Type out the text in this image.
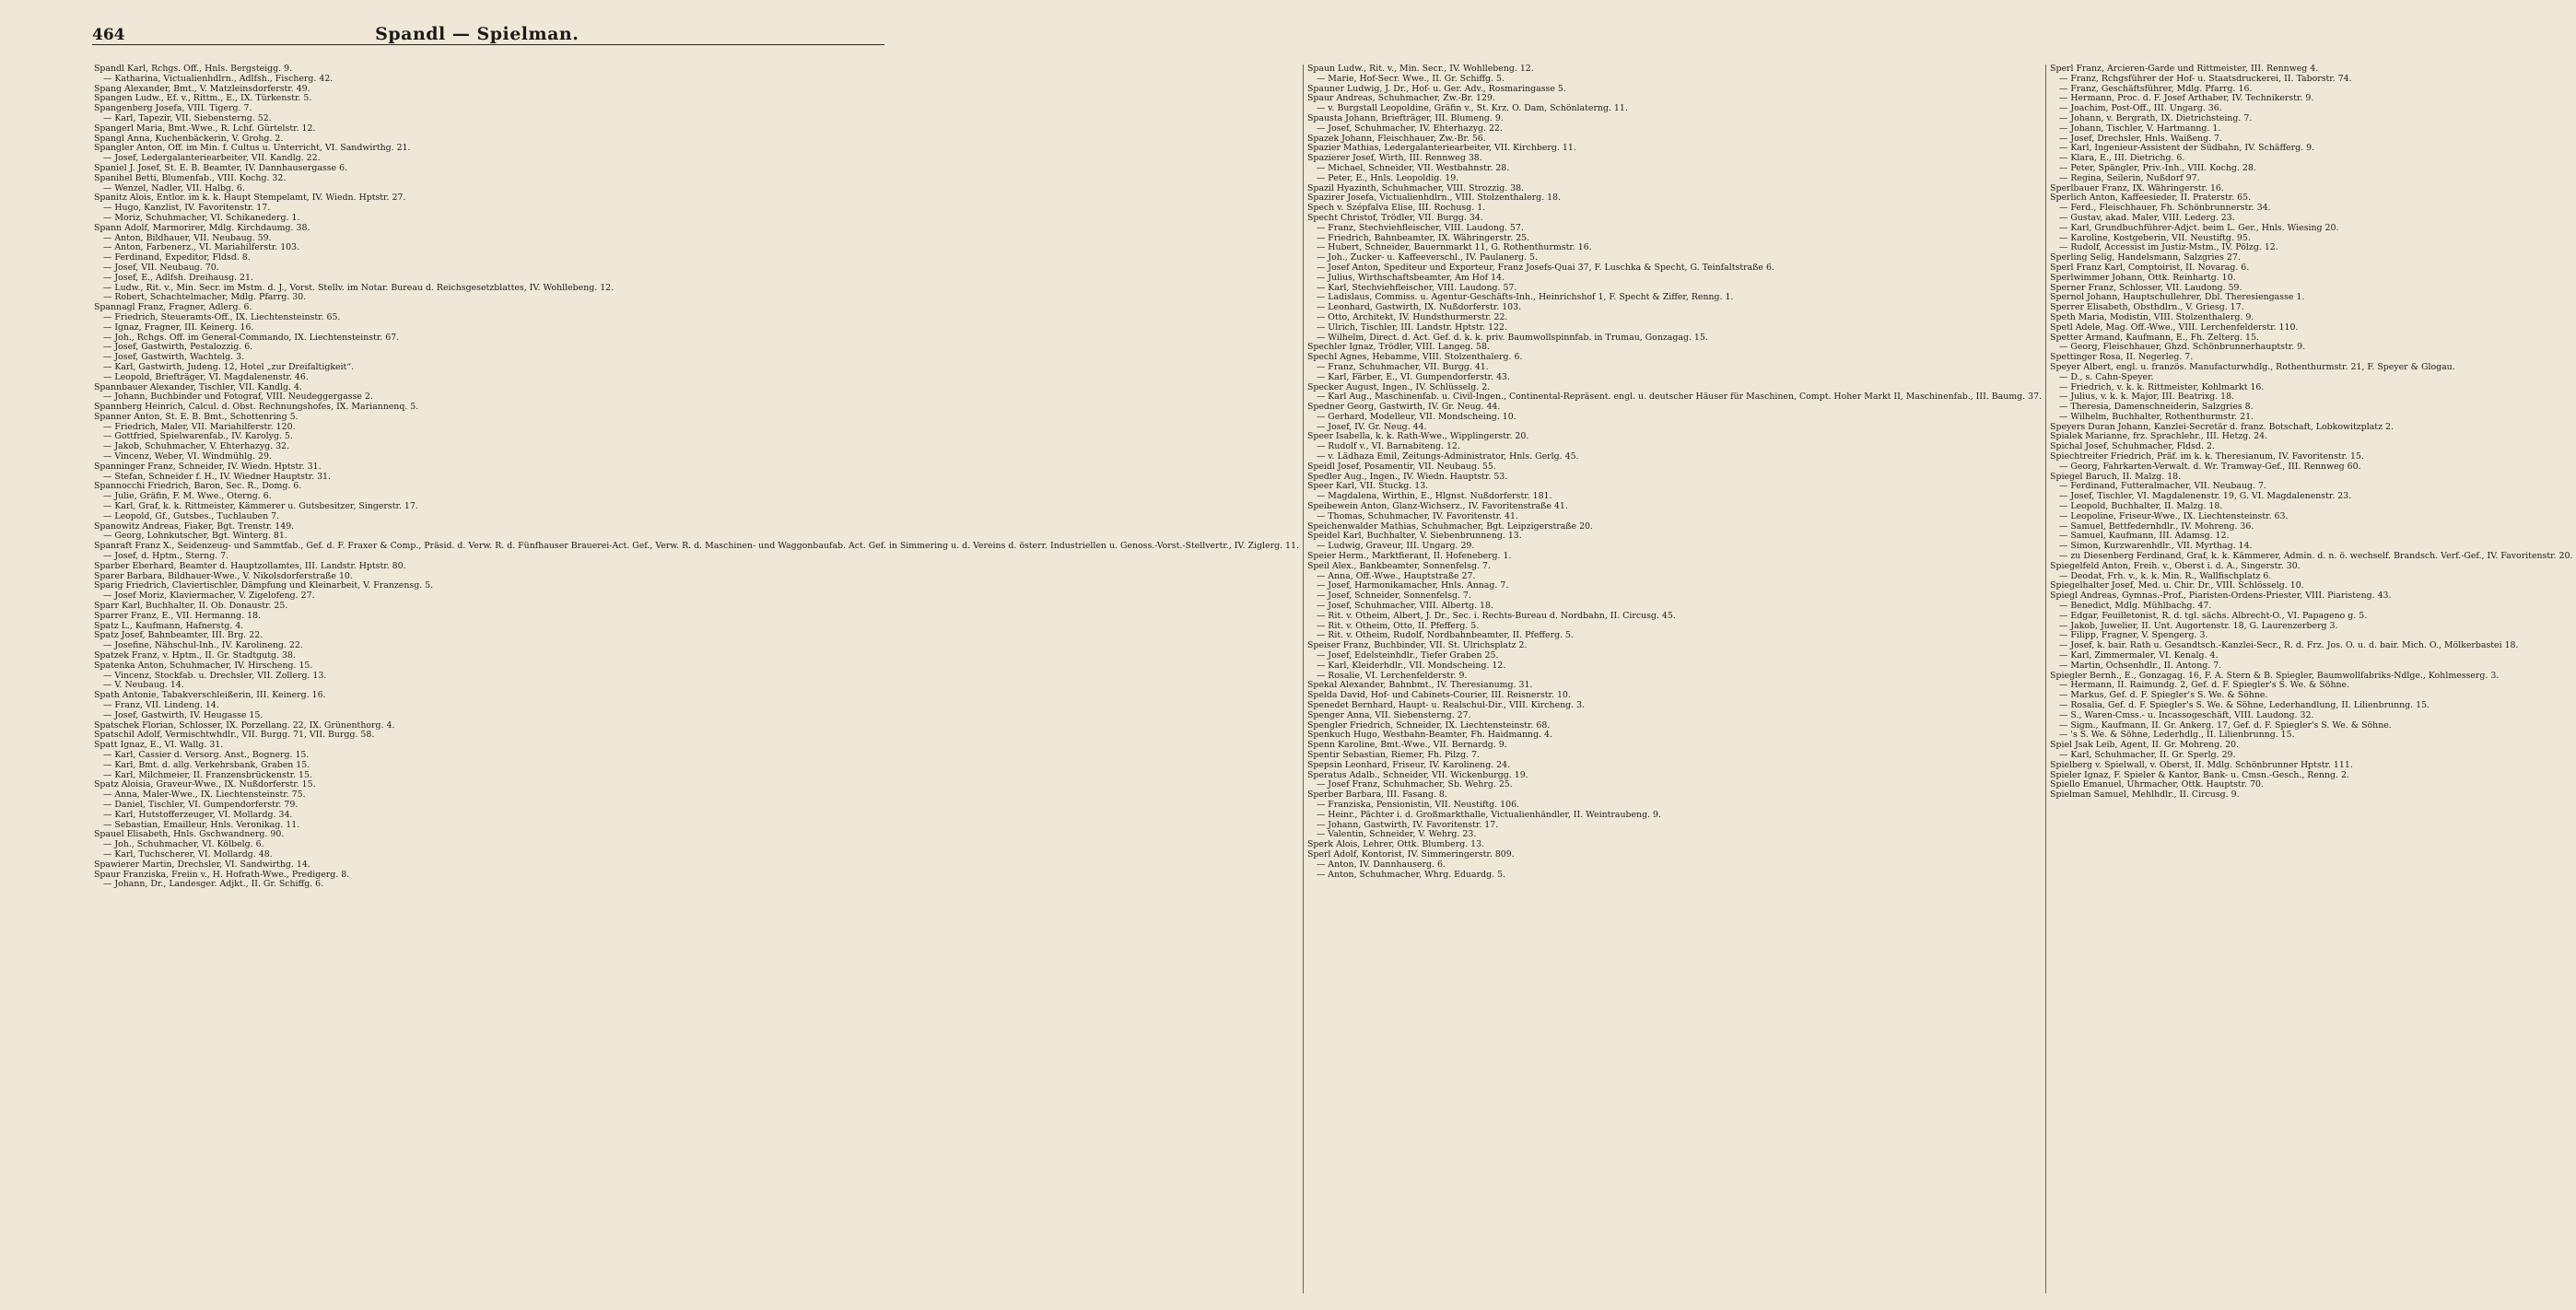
464	Spandl — Spielman.
Spandl Karl, Rchgs. Off., Hnls. Bergsteigg. 9.
— Katharina, Victualienhdlrn., Adlfsh., Fischerg. 42.
Spang Alexander, Bmt., V. Matzleinsdorferstr. 49.
Spangen Ludw., Ef. v., Rittm., E., IX. Türkenstr. 5.
Spangenberg Josefa, VIII. Tigerg. 7.
— Karl, Tapezir, VII. Siebensterng. 52.
Spangerl Maria, Bmt.-Wwe., R. Lchf. Gürtelstr. 12.
Spangl Anna, Kuchenbäckerin, V. Grohg. 2.
Spangler Anton, Off. im Min. f. Cultus u. Unterricht, VI. Sandwirthg. 21.
— Josef, Ledergalanteriearbeiter, VII. Kandlg. 22.
Spaniel J. Josef, St. E. B. Beamter, IV. Dannhausergasse 6.
Spanihel Betti, Blumenfab., VIII. Kochg. 32.
— Wenzel, Nadler, VII. Halbg. 6.
Spanitz Alois, Entlor. im k. k. Haupt Stempelamt, IV. Wiedn. Hptstr. 27.
— Hugo, Kanzlist, IV. Favoritenstr. 17.
— Moriz, Schuhmacher, VI. Schikanederg. 1.
Spann Adolf, Marmorirer, Mdlg. Kirchdaumg. 38.
— Anton, Bildhauer, VII. Neubaug. 59.
— Anton, Farbenerz., VI. Mariahilferstr. 103.
— Ferdinand, Expeditor, Fldsd. 8.
— Josef, VII. Neubaug. 70.
— Josef, E., Adlfsh. Dreihausg. 21.
— Ludw., Rit. v., Min. Secr. im Mstm. d. J., Vorst. Stellv. im Notar. Bureau d. Reichsgesetzblattes, IV. Wohllebeng. 12.
— Robert, Schachtelmacher, Mdlg. Pfarrg. 30.
Spannagl Franz, Fragner, Adlerg. 6.
— Friedrich, Steueramts-Off., IX. Liechtensteinstr. 65.
— Ignaz, Fragner, III. Keinerg. 16.
— Joh., Rchgs. Off. im General-Commando, IX. Liechtensteinstr. 67.
— Josef, Gastwirth, Pestalozzig. 6.
— Josef, Gastwirth, Wachtelg. 3.
— Karl, Gastwirth, Judeng. 12, Hotel „zur Dreifaltigkeit“.
— Leopold, Briefträger, VI. Magdalenenstr. 46.
Spannbauer Alexander, Tischler, VII. Kandlg. 4.
— Johann, Buchbinder und Fotograf, VIII. Neudeggergasse 2.
Spannberg Heinrich, Calcul. d. Obst. Rechnungshofes, IX. Mariannenq. 5.
Spanner Anton, St. E. B. Bmt., Schottenring 5.
— Friedrich, Maler, VII. Mariahilferstr. 120.
— Gottfried, Spielwarenfab., IV. Karolyg. 5.
— Jakob, Schuhmacher, V. Ehterhazyg. 32.
— Vincenz, Weber, VI. Windmühlg. 29.
Spanninger Franz, Schneider, IV. Wiedn. Hptstr. 31.
— Stefan, Schneider f. H., IV. Wiedner Hauptstr. 31.
Spannocchi Friedrich, Baron, Sec. R., Domg. 6.
— Julie, Gräfin, F. M. Wwe., Oterng. 6.
— Karl, Graf, k. k. Rittmeister, Kämmerer u. Gutsbesitzer, Singerstr. 17.
— Leopold, Gf., Gutsbes., Tuchlauben 7.
Spanowitz Andreas, Fiaker, Bgt. Trenstr. 149.
— Georg, Lohnkutscher, Bgt. Winterg. 81.
Spanraft Franz X., Seidenzeug- und Sammtfab., Gef. d. F. Fraxer & Comp., Präsid. d. Verw. R. d. Fünfhauser Brauerei-Act. Gef., Verw. R. d. Maschinen- und Waggonbaufab. Act. Gef. in Simmering u. d. Vereins d. österr. Industriellen u. Genoss.-Vorst.-Stellvertr., IV. Ziglerg. 11.
— Josef, d. Hptm., Sterng. 7.
Sparber Eberhard, Beamter d. Hauptzollamtes, III. Landstr. Hptstr. 80.
Sparer Barbara, Bildhauer-Wwe., V. Nikolsdorferstraße 10.
Sparig Friedrich, Claviertischler, Dämpfung und Kleinarbeit, V. Franzensg. 5.
— Josef Moriz, Klaviermacher, V. Zigelofeng. 27.
Sparr Karl, Buchhalter, II. Ob. Donaustr. 25.
Sparrer Franz, E., VII. Hermanng. 18.
Spatz L., Kaufmann, Hafnerstg. 4.
Spatz Josef, Bahnbeamter, III. Brg. 22.
— Josefine, Nähschul-Inh., IV. Karolineng. 22.
Spatzek Franz, v. Hptm., II. Gr. Stadtgutg. 38.
Spatenka Anton, Schuhmacher, IV. Hirscheng. 15.
— Vincenz, Stockfab. u. Drechsler, VII. Zollerg. 13.
— V. Neubaug. 14.
Spath Antonie, Tabakverschleißerin, III. Keinerg. 16.
— Franz, VII. Lindeng. 14.
— Josef, Gastwirth, IV. Heugasse 15.
Spatschek Florian, Schlosser, IX. Porzellang. 22, IX. Grünenthorg. 4.
Spatschil Adolf, Vermischtwhdlr., VII. Burgg. 71, VII. Burgg. 58.
Spatt Ignaz, E., VI. Wallg. 31.
— Karl, Cassier d. Versorg. Anst., Bognerg. 15.
— Karl, Bmt. d. allg. Verkehrsbank, Graben 15.
— Karl, Milchmeier, II. Franzensbrückenstr. 15.
Spatz Aloisia, Graveur-Wwe., IX. Nußdorferstr. 15.
— Anna, Maler-Wwe., IX. Liechtensteinstr. 75.
— Daniel, Tischler, VI. Gumpendorferstr. 79.
— Karl, Hutstofferzeuger, VI. Mollardg. 34.
— Sebastian, Emailleur, Hnls. Veronikag. 11.
Spauel Elisabeth, Hnls. Gschwandnerg. 90.
— Joh., Schuhmacher, VI. Kölbelg. 6.
— Karl, Tuchscherer, VI. Mollardg. 48.
Spawierer Martin, Drechsler, VI. Sandwirthg. 14.
Spaur Franziska, Freiin v., H. Hofrath-Wwe., Predigerg. 8.
— Johann, Dr., Landesger. Adjkt., II. Gr. Schiffg. 6.
Spaun Ludw., Rit. v., Min. Secr., IV. Wohllebeng. 12.
— Marie, Hof-Secr. Wwe., II. Gr. Schiffg. 5.
Spauner Ludwig, J. Dr., Hof- u. Ger. Adv., Rosmaringasse 5.
Spaur Andreas, Schuhmacher, Zw.-Br. 129.
— v. Burgstall Leopoldine, Gräfin v., St. Krz. O. Dam, Schönlaterng. 11.
Spausta Johann, Briefträger, III. Blumeng. 9.
— Josef, Schuhmacher, IV. Ehterhazyg. 22.
Spazek Johann, Fleischhauer, Zw.-Br. 56.
Spazier Mathias, Ledergalanteriearbeiter, VII. Kirchberg. 11.
Spazierer Josef, Wirth, III. Rennweg 38.
— Michael, Schneider, VII. Westbahnstr. 28.
— Peter, E., Hnls. Leopoldig. 19.
Spazil Hyazinth, Schuhmacher, VIII. Strozzig. 38.
Spazirer Josefa, Victualienhdlrn., VIII. Stolzenthalerg. 18.
Spech v. Szépfalva Elise, III. Rochusg. 1.
Specht Christof, Trödler, VII. Burgg. 34.
— Franz, Stechviehfleischer, VIII. Laudong. 57.
— Friedrich, Bahnbeamter, IX. Währingerstr. 25.
— Hubert, Schneider, Bauernmarkt 11, G. Rothenthurmstr. 16.
— Joh., Zucker- u. Kaffeeverschl., IV. Paulanerg. 5.
— Josef Anton, Spediteur und Exporteur, Franz Josefs-Quai 37, F. Luschka & Specht, G. Teinfaltstraße 6.
— Julius, Wirthschaftsbeamter, Am Hof 14.
— Karl, Stechviehfleischer, VIII. Laudong. 57.
— Ladislaus, Commiss. u. Agentur-Geschäfts-Inh., Heinrichshof 1, F. Specht & Ziffer, Renng. 1.
— Leonhard, Gastwirth, IX. Nußdorferstr. 103.
— Otto, Architekt, IV. Hundsthurmerstr. 22.
— Ulrich, Tischler, III. Landstr. Hptstr. 122.
— Wilhelm, Direct. d. Act. Gef. d. k. k. priv. Baumwollspinnfab. in Trumau, Gonzagag. 15.
Spechler Ignaz, Trödler, VIII. Langeg. 58.
Spechl Agnes, Hebamme, VIII. Stolzenthalerg. 6.
— Franz, Schuhmacher, VII. Burgg. 41.
— Karl, Färber, E., VI. Gumpendorferstr. 43.
Specker August, Ingen., IV. Schlüsselg. 2.
— Karl Aug., Maschinenfab. u. Civil-Ingen., Continental-Repräsent. engl. u. deutscher Häuser für Maschinen, Compt. Hoher Markt II, Maschinenfab., III. Baumg. 37.
Spedner Georg, Gastwirth, IV. Gr. Neug. 44.
— Gerhard, Modelleur, VII. Mondscheing. 10.
— Josef, IV. Gr. Neug. 44.
Speer Isabella, k. k. Rath-Wwe., Wipplingerstr. 20.
— Rudolf v., VI. Barnabiteng. 12.
— v. Lädhaza Emil, Zeitungs-Administrator, Hnls. Gerlg. 45.
Speidl Josef, Posamentir, VII. Neubaug. 55.
Spedler Aug., Ingen., IV. Wiedn. Hauptstr. 53.
Speer Karl, VII. Stuckg. 13.
— Magdalena, Wirthin, E., Hlgnst. Nußdorferstr. 181.
Speibewein Anton, Glanz-Wichserz., IV. Favoritenstraße 41.
— Thomas, Schuhmacher, IV. Favoritenstr. 41.
Speichenwalder Mathias, Schuhmacher, Bgt. Leipzigerstraße 20.
Speidel Karl, Buchhalter, V. Siebenbrunneng. 13.
— Ludwig, Graveur, III. Ungarg. 29.
Speier Herm., Marktfierant, II. Hofeneberg. 1.
Speil Alex., Bankbeamter, Sonnenfelsg. 7.
— Anna, Off.-Wwe., Hauptstraße 27.
— Josef, Harmonikamacher, Hnls. Annag. 7.
— Josef, Schneider, Sonnenfelsg. 7.
— Josef, Schuhmacher, VIII. Albertg. 18.
— Rit. v. Otheim, Albert, J. Dr., Sec. i. Rechts-Bureau d. Nordbahn, II. Circusg. 45.
— Rit. v. Otheim, Otto, II. Pfefferg. 5.
— Rit. v. Otheim, Rudolf, Nordbahnbeamter, II. Pfefferg. 5.
Speiser Franz, Buchbinder, VII. St. Ulrichsplatz 2.
— Josef, Edelsteinhdlr., Tiefer Graben 25.
— Karl, Kleiderhdlr., VII. Mondscheing. 12.
— Rosalie, VI. Lerchenfelderstr. 9.
Spekal Alexander, Bahnbmt., IV. Theresianumg. 31.
Spelda David, Hof- und Cabinets-Courier, III. Reisnerstr. 10.
Spenedet Bernhard, Haupt- u. Realschul-Dir., VIII. Kircheng. 3.
Spenger Anna, VII. Siebensterng. 27.
Spengler Friedrich, Schneider, IX. Liechtensteinstr. 68.
Spenkuch Hugo, Westbahn-Beamter, Fh. Haidmanng. 4.
Spenn Karoline, Bmt.-Wwe., VII. Bernardg. 9.
Spentir Sebastian, Riemer, Fh. Pilzg. 7.
Spepsin Leonhard, Friseur, IV. Karolineng. 24.
Speratus Adalb., Schneider, VII. Wickenburgg. 19.
— Josef Franz, Schuhmacher, Sb. Wehrg. 25.
Sperber Barbara, III. Fasang. 8.
— Franziska, Pensionistin, VII. Neustiftg. 106.
— Heinr., Pächter i. d. Großmarkthalle, Victualienhändler, II. Weintraubeng. 9.
— Johann, Gastwirth, IV. Favoritenstr. 17.
— Valentin, Schneider, V. Wehrg. 23.
Sperk Alois, Lehrer, Ottk. Blumberg. 13.
Sperl Adolf, Kontorist, IV. Simmeringerstr. 809.
— Anton, IV. Dannhauserg. 6.
— Anton, Schuhmacher, Whrg. Eduardg. 5.
Sperl Franz, Arcieren-Garde und Rittmeister, III. Rennweg 4.
— Franz, Rchgsführer der Hof- u. Staatsdruckerei, II. Taborstr. 74.
— Franz, Geschäftsführer, Mdlg. Pfarrg. 16.
— Hermann, Proc. d. F. Josef Arthaber, IV. Technikerstr. 9.
— Joachim, Post-Off., III. Ungarg. 36.
— Johann, v. Bergrath, IX. Dietrichsteing. 7.
— Johann, Tischler, V. Hartmanng. 1.
— Josef, Drechsler, Hnls. Waißeng. 7.
— Karl, Ingenieur-Assistent der Südbahn, IV. Schäfferg. 9.
— Klara, E., III. Dietrichg. 6.
— Peter, Spängler, Priv.-Inh., VIII. Kochg. 28.
— Regina, Seilerin, Nußdorf 97.
Sperlbauer Franz, IX. Währingerstr. 16.
Sperlich Anton, Kaffeesieder, II. Praterstr. 65.
— Ferd., Fleischhauer, Fh. Schönbrunnerstr. 34.
— Gustav, akad. Maler, VIII. Lederg. 23.
— Karl, Grundbuchführer-Adjct. beim L. Ger., Hnls. Wiesing 20.
— Karoline, Kostgeberin, VII. Neustiftg. 95.
— Rudolf, Accessist im Justiz-Mstm., IV. Pölzg. 12.
Sperling Selig, Handelsmann, Salzgries 27.
Sperl Franz Karl, Comptoirist, II. Novarag. 6.
Sperlwimmer Johann, Ottk. Reinhartg. 10.
Sperner Franz, Schlosser, VII. Laudong. 59.
Spernol Johann, Hauptschullehrer, Dbl. Theresiengasse 1.
Sperrer Elisabeth, Obsthdlrn., V. Griesg. 17.
Speth Maria, Modistin, VIII. Stolzenthalerg. 9.
Spetl Adele, Mag. Off.-Wwe., VIII. Lerchenfelderstr. 110.
Spetter Armand, Kaufmann, E., Fh. Zelterg. 15.
— Georg, Fleischhauer, Ghzd. Schönbrunnerhauptstr. 9.
Spettinger Rosa, II. Negerleg. 7.
Speyer Albert, engl. u. französ. Manufacturwhdlg., Rothenthurmstr. 21, F. Speyer & Glogau.
— D., s. Cahn-Speyer.
— Friedrich, v. k. k. Rittmeister, Kohlmarkt 16.
— Julius, v. k. k. Major, III. Beatrixg. 18.
— Theresia, Damenschneiderin, Salzgries 8.
— Wilhelm, Buchhalter, Rothenthurmstr. 21.
Speyers Duran Johann, Kanzlei-Secretär d. franz. Botschaft, Lobkowitzplatz 2.
Spialek Marianne, frz. Sprachlehr., III. Hetzg. 24.
Spichal Josef, Schuhmacher, Fldsd. 2.
Spiechtreiter Friedrich, Präf. im k. k. Theresianum, IV. Favoritenstr. 15.
— Georg, Fahrkarten-Verwalt. d. Wr. Tramway-Gef., III. Rennweg 60.
Spiegel Baruch, II. Malzg. 18.
— Ferdinand, Futteralmacher, VII. Neubaug. 7.
— Josef, Tischler, VI. Magdalenenstr. 19, G. VI. Magdalenenstr. 23.
— Leopold, Buchhalter, II. Malzg. 18.
— Leopoline, Friseur-Wwe., IX. Liechtensteinstr. 63.
— Samuel, Bettfedernhdlr., IV. Mohreng. 36.
— Samuel, Kaufmann, III. Adamsg. 12.
— Simon, Kurzwarenhdlr., VII. Myrthag. 14.
— zu Diesenberg Ferdinand, Graf, k. k. Kämmerer, Admin. d. n. ö. wechself. Brandsch. Verf.-Gef., IV. Favoritenstr. 20.
Spiegelfeld Anton, Freih. v., Oberst i. d. A., Singerstr. 30.
— Deodat, Frh. v., k. k. Min. R., Wallfischplatz 6.
Spiegelhalter Josef, Med. u. Chir. Dr., VIII. Schlösselg. 10.
Spiegl Andreas, Gymnas.-Prof., Piaristen-Ordens-Priester, VIII. Piaristeng. 43.
— Benedict, Mdlg. Mühlbachg. 47.
— Edgar, Feuilletonist, R. d. tgl. sächs. Albrecht-O., VI. Papageno g. 5.
— Jakob, Juwelier, II. Unt. Augortenstr. 18, G. Laurenzerberg 3.
— Filipp, Fragner, V. Spengerg. 3.
— Josef, k. bair. Rath u. Gesandtsch.-Kanzlei-Secr., R. d. Frz. Jos. O. u. d. bair. Mich. O., Mölkerbastei 18.
— Karl, Zimmermaler, VI. Kenalg. 4.
— Martin, Ochsenhdlr., II. Antong. 7.
Spiegler Bernh., E., Gonzagag. 16, F. A. Stern & B. Spiegler, Baumwollfabriks-Ndlge., Kohlmesserg. 3.
— Hermann, II. Raimundg. 2, Gef. d. F. Spiegler's S. We. & Söhne.
— Markus, Gef. d. F. Spiegler's S. We. & Söhne.
— Rosalia, Gef. d. F. Spiegler's S. We. & Söhne, Lederhandlung, II. Lilienbrunng. 15.
— S., Waren-Cmss.- u. Incassogeschäft, VIII. Laudong. 32.
— Sigm., Kaufmann, II. Gr. Ankerg. 17, Gef. d. F. Spiegler's S. We. & Söhne.
— 's S. We. & Söhne, Lederhdlg., II. Lilienbrunng. 15.
Spiel Jsak Leib, Agent, II. Gr. Mohreng. 20.
— Karl, Schuhmacher, II. Gr. Sperlg. 29.
Spielberg v. Spielwall, v. Oberst, II. Mdlg. Schönbrunner Hptstr. 111.
Spieler Ignaz, F. Spieler & Kantor, Bank- u. Cmsn.-Gesch., Renng. 2.
Spiello Emanuel, Uhrmacher, Ottk. Hauptstr. 70.
Spielman Samuel, Mehlhdlr., II. Circusg. 9.
